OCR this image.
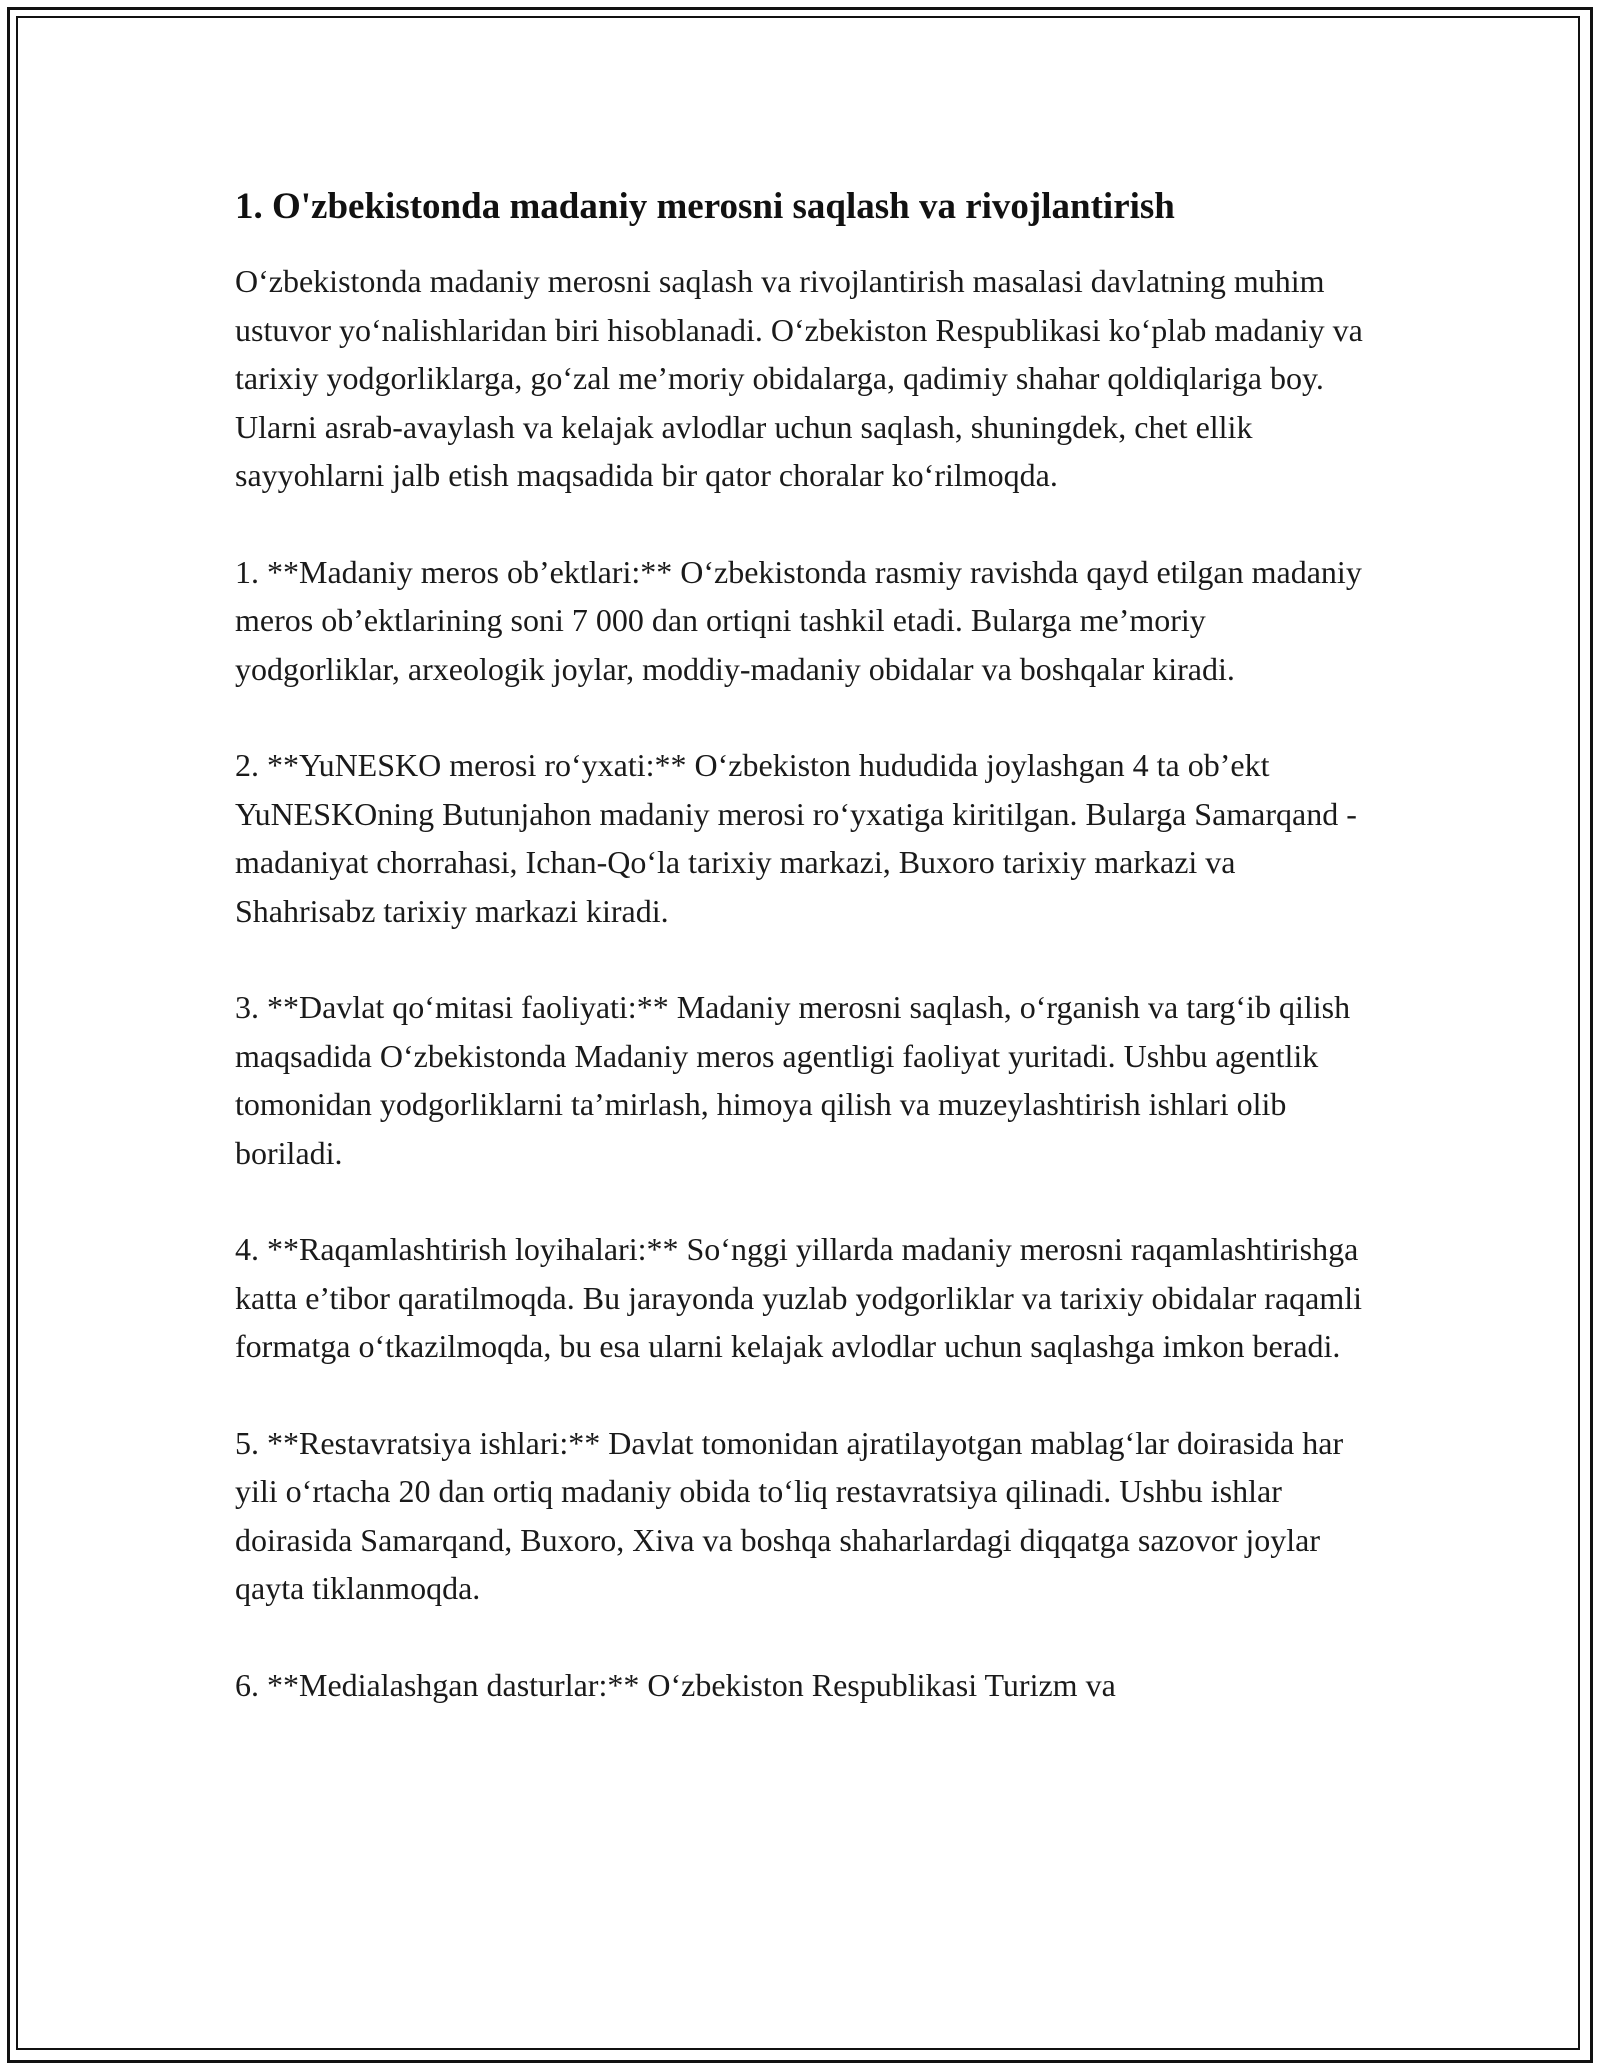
1. O'zbekistonda madaniy merosni saqlash va rivojlantirish

O‘zbekistonda madaniy merosni saqlash va rivojlantirish masalasi davlatning muhim ustuvor yo‘nalishlaridan biri hisoblanadi. O‘zbekiston Respublikasi ko‘plab madaniy va tarixiy yodgorliklarga, go‘zal me’moriy obidalarga, qadimiy shahar qoldiqlariga boy. Ularni asrab-avaylash va kelajak avlodlar uchun saqlash, shuningdek, chet ellik sayyohlarni jalb etish maqsadida bir qator choralar ko‘rilmoqda.

1. **Madaniy meros ob’ektlari:** O‘zbekistonda rasmiy ravishda qayd etilgan madaniy meros ob’ektlarining soni 7 000 dan ortiqni tashkil etadi. Bularga me’moriy yodgorliklar, arxeologik joylar, moddiy-madaniy obidalar va boshqalar kiradi.

2. **YuNESKO merosi ro‘yxati:** O‘zbekiston hududida joylashgan 4 ta ob’ekt YuNESKOning Butunjahon madaniy merosi ro‘yxatiga kiritilgan. Bularga Samarqand - madaniyat chorrahasi, Ichan-Qo‘la tarixiy markazi, Buxoro tarixiy markazi va Shahrisabz tarixiy markazi kiradi.

3. **Davlat qo‘mitasi faoliyati:** Madaniy merosni saqlash, o‘rganish va targ‘ib qilish maqsadida O‘zbekistonda Madaniy meros agentligi faoliyat yuritadi. Ushbu agentlik tomonidan yodgorliklarni ta’mirlash, himoya qilish va muzeylashtirish ishlari olib boriladi.

4. **Raqamlashtirish loyihalari:** So‘nggi yillarda madaniy merosni raqamlashtirishga katta e’tibor qaratilmoqda. Bu jarayonda yuzlab yodgorliklar va tarixiy obidalar raqamli formatga o‘tkazilmoqda, bu esa ularni kelajak avlodlar uchun saqlashga imkon beradi.

5. **Restavratsiya ishlari:** Davlat tomonidan ajratilayotgan mablag‘lar doirasida har yili o‘rtacha 20 dan ortiq madaniy obida to‘liq restavratsiya qilinadi. Ushbu ishlar doirasida Samarqand, Buxoro, Xiva va boshqa shaharlardagi diqqatga sazovor joylar qayta tiklanmoqda.

6. **Medialashgan dasturlar:** O‘zbekiston Respublikasi Turizm va
